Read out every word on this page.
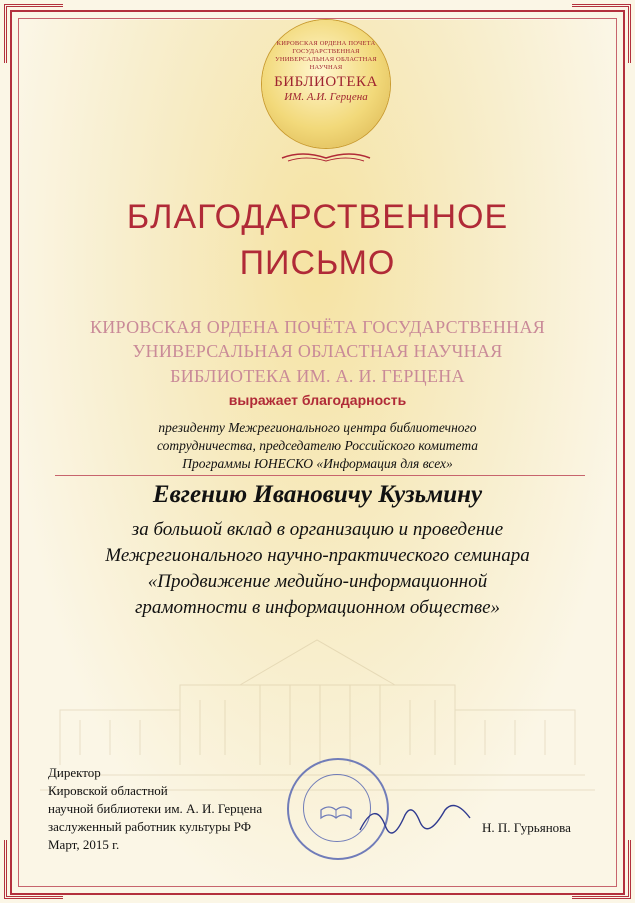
КИРОВСКАЯ ОРДЕНА ПОЧЕТА ГОСУДАРСТВЕННАЯ
УНИВЕРСАЛЬНАЯ ОБЛАСТНАЯ НАУЧНАЯ
БИБЛИОТЕКА
ИМ. А.И. Герцена
БЛАГОДАРСТВЕННОЕ
ПИСЬМО
КИРОВСКАЯ ОРДЕНА ПОЧЁТА ГОСУДАРСТВЕННАЯ
УНИВЕРСАЛЬНАЯ ОБЛАСТНАЯ НАУЧНАЯ
БИБЛИОТЕКА ИМ. А. И. ГЕРЦЕНА
выражает благодарность
президенту Межрегионального центра библиотечного
сотрудничества, председателю Российского комитета
Программы ЮНЕСКО «Информация для всех»
Евгению Ивановичу Кузьмину
за большой вклад в организацию и проведение
Межрегионального научно-практического семинара
«Продвижение медийно-информационной
грамотности в информационном обществе»
Директор
Кировской областной
научной библиотеки им. А. И. Герцена
заслуженный работник культуры РФ
Март, 2015 г.
Н. П. Гурьянова
